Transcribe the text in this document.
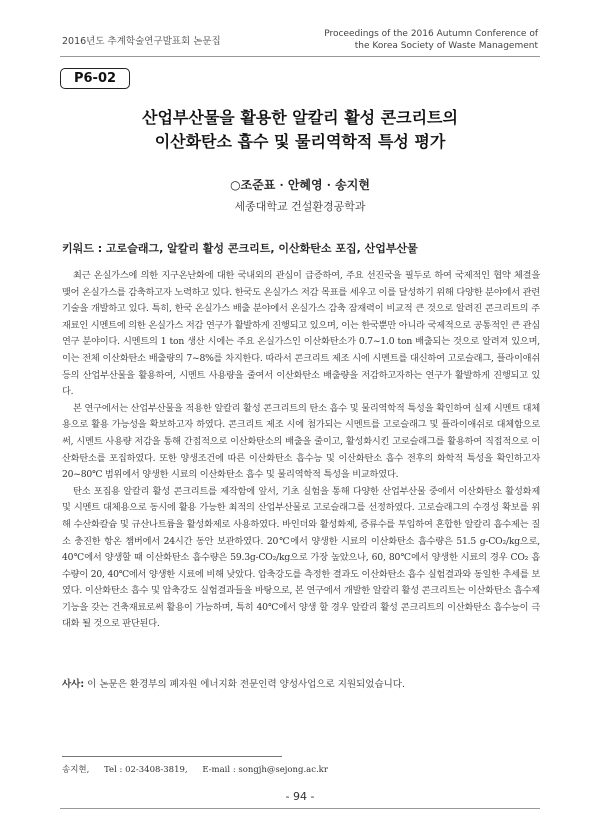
2016년도 추계학술연구발표회 논문집
Proceedings of the 2016 Autumn Conference of
the Korea Society of Waste Management
P6-02
산업부산물을 활용한 알칼리 활성 콘크리트의
이산화탄소 흡수 및 물리역학적 특성 평가
○조준표 · 안혜영 · 송지현
세종대학교 건설환경공학과
키워드 : 고로슬래그, 알칼리 활성 콘크리트, 이산화탄소 포집, 산업부산물

최근 온실가스에 의한 지구온난화에 대한 국내외의 관심이 급증하여, 주요 선진국을 필두로 하여 국제적인 협약 체결을 맺어 온실가스를 감축하고자 노력하고 있다. 한국도 온실가스 저감 목표를 세우고 이를 달성하기 위해 다양한 분야에서 관련 기술을 개발하고 있다. 특히, 한국 온실가스 배출 분야에서 온실가스 감축 잠재력이 비교적 큰 것으로 알려진 콘크리트의 주재료인 시멘트에 의한 온실가스 저감 연구가 활발하게 진행되고 있으며, 이는 한국뿐만 아니라 국제적으로 공통적인 큰 관심 연구 분야이다. 시멘트의 1 ton 생산 시에는 주요 온실가스인 이산화탄소가 0.7~1.0 ton 배출되는 것으로 알려져 있으며, 이는 전체 이산화탄소 배출량의 7~8%를 차지한다. 따라서 콘크리트 제조 시에 시멘트를 대신하여 고로슬래그, 플라이애쉬 등의 산업부산물을 활용하여, 시멘트 사용량을 줄여서 이산화탄소 배출량을 저감하고자하는 연구가 활발하게 진행되고 있다.

본 연구에서는 산업부산물을 적용한 알칼리 활성 콘크리트의 탄소 흡수 및 물리역학적 특성을 확인하여 실제 시멘트 대체용으로 활용 가능성을 확보하고자 하였다. 콘크리트 제조 시에 첨가되는 시멘트를 고로슬래그 및 플라이애쉬로 대체함으로써, 시멘트 사용량 저감을 통해 간접적으로 이산화탄소의 배출을 줄이고, 활성화시킨 고로슬래그를 활용하여 직접적으로 이산화탄소를 포집하였다. 또한 양생조건에 따른 이산화탄소 흡수능 및 이산화탄소 흡수 전후의 화학적 특성을 확인하고자 20~80℃ 범위에서 양생한 시료의 이산화탄소 흡수 및 물리역학적 특성을 비교하였다.

탄소 포집용 알칼리 활성 콘크리트를 제작함에 앞서, 기초 실험을 통해 다양한 산업부산물 중에서 이산화탄소 활성화제 및 시멘트 대체용으로 동시에 활용 가능한 최적의 산업부산물로 고로슬래그를 선정하였다. 고로슬래그의 수경성 확보를 위해 수산화칼슘 및 규산나트륨을 활성화제로 사용하였다. 바인더와 활성화제, 증류수를 투입하여 혼합한 알칼리 흡수제는 질소 충진한 항온 챔버에서 24시간 동안 보관하였다. 20℃에서 양생한 시료의 이산화탄소 흡수량은 51.5 g-CO₂/kg으로, 40℃에서 양생할 때 이산화탄소 흡수량은 59.3g-CO₂/kg으로 가장 높았으나, 60, 80℃에서 양생한 시료의 경우 CO₂ 흡수량이 20, 40℃에서 양생한 시료에 비해 낮았다. 압축강도를 측정한 결과도 이산화탄소 흡수 실험결과와 동일한 추세를 보였다. 이산화탄소 흡수 및 압축강도 실험결과들을 바탕으로, 본 연구에서 개발한 알칼리 활성 콘크리트는 이산화탄소 흡수제 기능을 갖는 건축재료로써 활용이 가능하며, 특히 40℃에서 양생 할 경우 알칼리 활성 콘크리트의 이산화탄소 흡수능이 극대화 될 것으로 판단된다.

사사: 이 논문은 환경부의 폐자원 에너지화 전문인력 양성사업으로 지원되었습니다.
송지현, Tel : 02-3408-3819, E-mail : songjh@sejong.ac.kr
- 94 -
